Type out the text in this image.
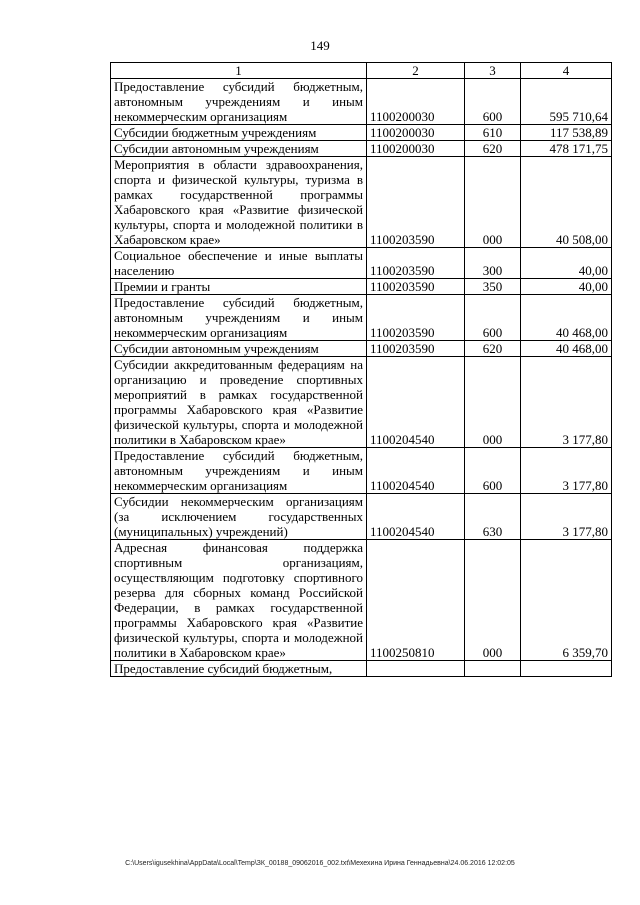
149
1	2	3	4
Предоставление субсидий бюджетным, автономным учреждениям и иным некоммерческим организациям	1100200030	600	595 710,64
Субсидии бюджетным учреждениям	1100200030	610	117 538,89
Субсидии автономным учреждениям	1100200030	620	478 171,75
Мероприятия в области здравоохранения, спорта и физической культуры, туризма в рамках государственной программы Хабаровского края «Развитие физической культуры, спорта и молодежной политики в Хабаровском крае»	1100203590	000	40 508,00
Социальное обеспечение и иные выплаты населению	1100203590	300	40,00
Премии и гранты	1100203590	350	40,00
Предоставление субсидий бюджетным, автономным учреждениям и иным некоммерческим организациям	1100203590	600	40 468,00
Субсидии автономным учреждениям	1100203590	620	40 468,00
Субсидии аккредитованным федерациям на организацию и проведение спортивных мероприятий в рамках государственной программы Хабаровского края «Развитие физической культуры, спорта и молодежной политики в Хабаровском крае»	1100204540	000	3 177,80
Предоставление субсидий бюджетным, автономным учреждениям и иным некоммерческим организациям	1100204540	600	3 177,80
Субсидии некоммерческим организациям (за исключением государственных (муниципальных) учреждений)	1100204540	630	3 177,80
Адресная финансовая поддержка спортивным организациям, осуществляющим подготовку спортивного резерва для сборных команд Российской Федерации, в рамках государственной программы Хабаровского края «Развитие физической культуры, спорта и молодежной политики в Хабаровском крае»	1100250810	000	6 359,70
Предоставление субсидий бюджетным,			
C:\Users\igusekhina\AppData\Local\Temp\ЗК_00188_09062016_002.txt\Мехехина Ирина Геннадьевна\24.06.2016 12:02:05
